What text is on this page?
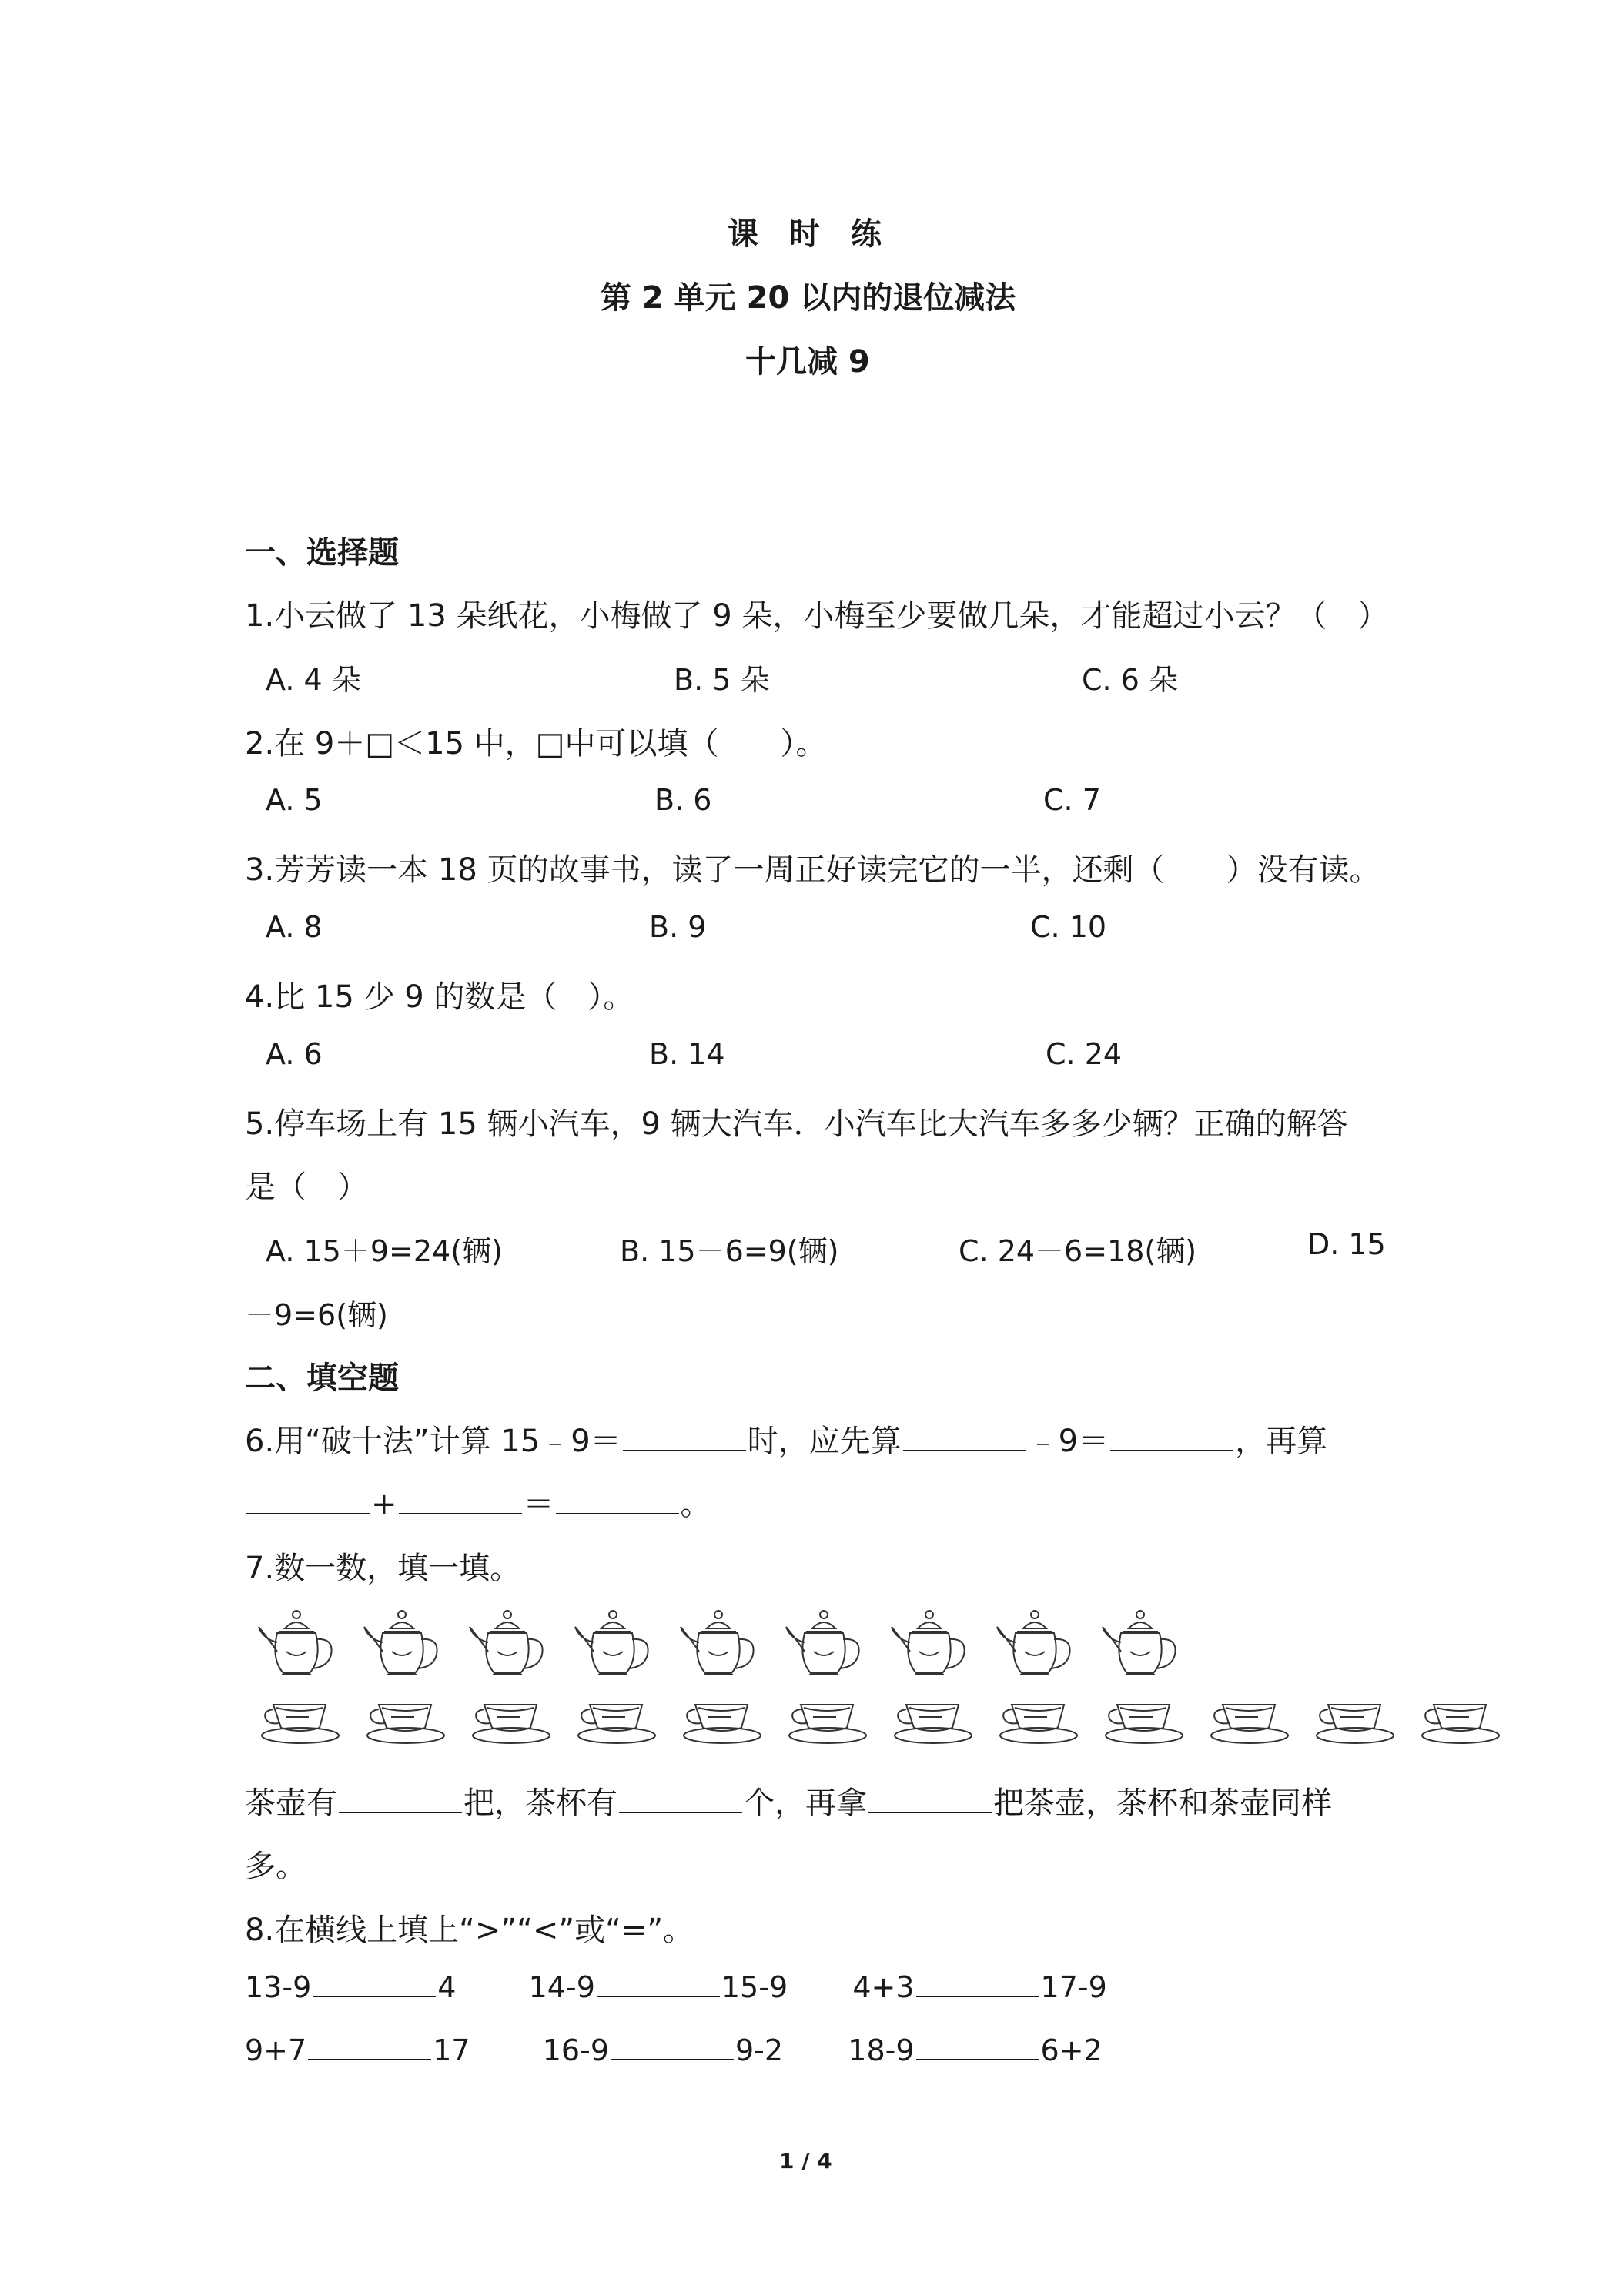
课　时　练
第 2 单元 20 以内的退位减法
十几减 9
一、选择题
1.小云做了 13 朵纸花，小梅做了 9 朵，小梅至少要做几朵，才能超过小云？（　）
A. 4 朵	B. 5 朵	C. 6 朵
2.在 9＋□＜15 中，□中可以填（　　）。
A. 5	B. 6	C. 7
3.芳芳读一本 18 页的故事书，读了一周正好读完它的一半，还剩（　　）没有读。
A. 8	B. 9	C. 10
4.比 15 少 9 的数是（　）。
A. 6	B. 14	C. 24
5.停车场上有 15 辆小汽车，9 辆大汽车．小汽车比大汽车多多少辆？正确的解答
是（　）
A. 15＋9=24(辆)	B. 15－6=9(辆)	C. 24－6=18(辆)	D. 15
－9=6(辆)
二、填空题
6.用“破十法”计算 15﹣9＝	时，应先算	﹣9＝	，再算
+	＝	。
7.数一数，填一填。
茶壶有	把，茶杯有	个，再拿	把茶壶，茶杯和茶壶同样
多。
8.在横线上填上“>”“<”或“=”。
13-9	4 14-9	15-9 4+3	17-9
9+7	17 16-9	9-2 18-9	6+2
1 / 4
